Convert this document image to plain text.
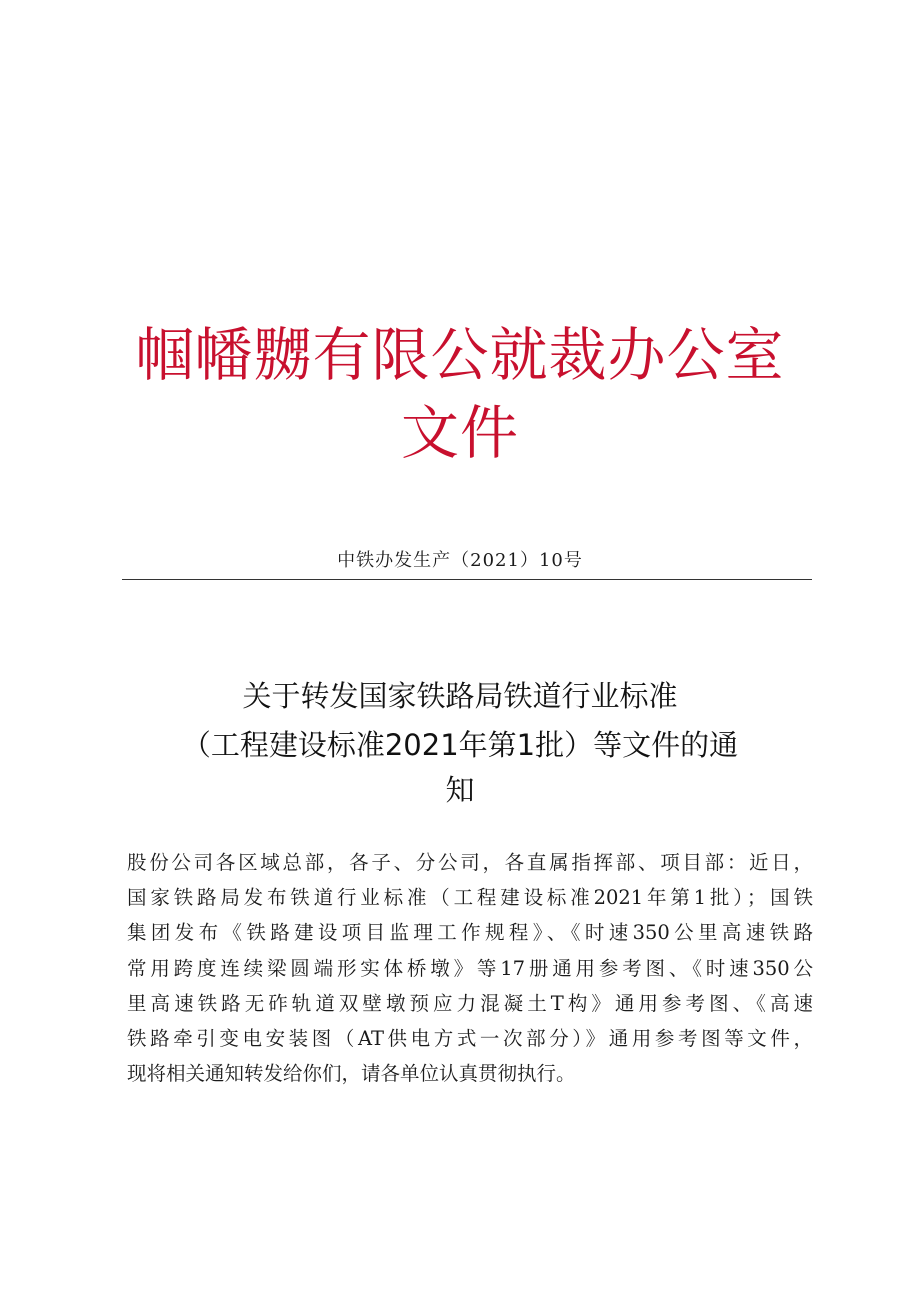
帼幡嬲有限公就裁办公室
文件
中铁办发生产（2021）10号
关于转发国家铁路局铁道行业标准
（工程建设标准2021年第1批）等文件的通
知
股份公司各区域总部，各子、分公司，各直属指挥部、项目部：近日，
国家铁路局发布铁道行业标准（工程建设标准2021年第1批）；国铁
集团发布《铁路建设项目监理工作规程》、《时速350公里高速铁路
常用跨度连续梁圆端形实体桥墩》等17册通用参考图、《时速350公
里高速铁路无砟轨道双壁墩预应力混凝土T构》通用参考图、《高速
铁路牵引变电安装图（AT供电方式一次部分）》通用参考图等文件，
现将相关通知转发给你们，请各单位认真贯彻执行。
